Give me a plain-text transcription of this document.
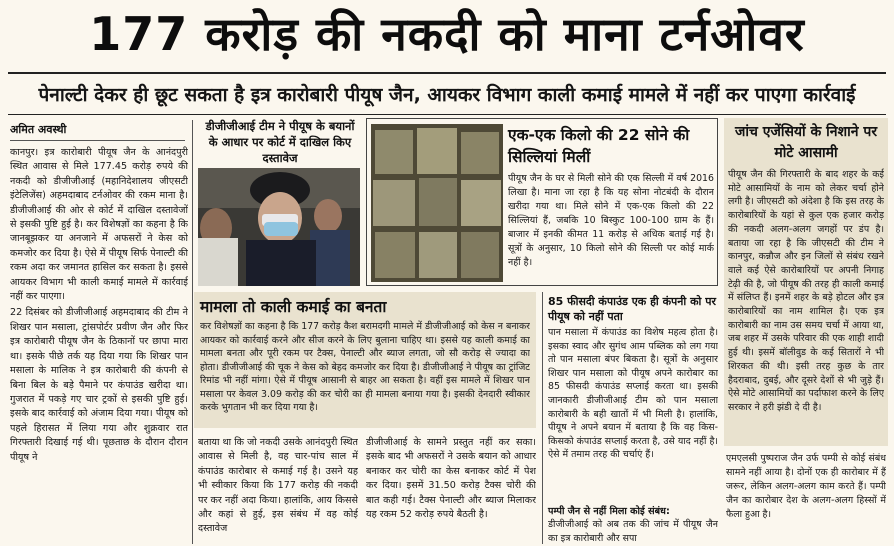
177 करोड़ की नकदी को माना टर्नओवर
पेनाल्टी देकर ही छूट सकता है इत्र कारोबारी पीयूष जैन, आयकर विभाग काली कमाई मामले में नहीं कर पाएगा कार्रवाई
अमित अवस्थी

कानपुर। इत्र कारोबारी पीयूष जैन के आनंदपुरी स्थित आवास से मिले 177.45 करोड़ रुपये की नकदी को डीजीजीआई (महानिदेशालय जीएसटी इंटेलिजेंस) अहमदाबाद टर्नओवर की रकम माना है। डीजीजीआई की ओर से कोर्ट में दाखिल दस्तावेजों से इसकी पुष्टि हुई है। कर विशेषज्ञों का कहना है कि जानबूझकर या अनजाने में अफसरों ने केस को कमजोर कर दिया है। ऐसे में पीयूष सिर्फ पेनाल्टी की रकम अदा कर जमानत हासिल कर सकता है। इससे आयकर विभाग भी काली कमाई मामले में कार्रवाई नहीं कर पाएगा।

22 दिसंबर को डीजीजीआई अहमदाबाद की टीम ने शिखर पान मसाला, ट्रांसपोर्टर प्रवीण जैन और फिर इत्र कारोबारी पीयूष जैन के ठिकानों पर छापा मारा था। इसके पीछे तर्क यह दिया गया कि शिखर पान मसाला के मालिक ने इत्र कारोबारी की कंपनी से बिना बिल के बड़े पैमाने पर कंपाउंड खरीदा था। गुजरात में पकड़े गए चार ट्रकों से इसकी पुष्टि हुई। इसके बाद कार्रवाई को अंजाम दिया गया। पीयूष को पहले हिरासत में लिया गया और शुक्रवार रात गिरफ्तारी दिखाई गई थी। पूछताछ के दौरान दौरान पीयूष ने

डीजीजीआई टीम ने पीयूष के बयानों के आधार पर कोर्ट में दाखिल किए दस्तावेज
एक-एक किलो की 22 सोने की सिल्लियां मिलीं
पीयूष जैन के घर से मिली सोने की एक सिल्ली में वर्ष 2016 लिखा है। माना जा रहा है कि यह सोना नोटबंदी के दौरान खरीदा गया था। मिले सोने में एक-एक किलो की 22 सिल्लियां हैं, जबकि 10 बिस्कुट 100-100 ग्राम के हैं। बाजार में इनकी कीमत 11 करोड़ से अधिक बताई गई है। सूत्रों के अनुसार, 10 किलो सोने की सिल्ली पर कोई मार्क नहीं है।
जांच एजेंसियों के निशाने पर मोटे आसामी
पीयूष जैन की गिरफ्तारी के बाद शहर के कई मोटे आसामियों के नाम को लेकर चर्चा होने लगी है। जीएसटी को अंदेशा है कि इस तरह के कारोबारियों के यहां से कुल एक हजार करोड़ की नकदी अलग-अलग जगहों पर डंप है। बताया जा रहा है कि जीएसटी की टीम ने कानपुर, कन्नौज और इन जिलों से संबंध रखने वाले कई ऐसे कारोबारियों पर अपनी निगाह टेढ़ी की है, जो पीयूष की तरह ही काली कमाई में संलिप्त हैं। इनमें शहर के बड़े होटल और इत्र कारोबारियों का नाम शामिल है। एक इत्र कारोबारी का नाम उस समय चर्चा में आया था, जब शहर में उसके परिवार की एक शाही शादी हुई थी। इसमें बॉलीवुड के कई सितारों ने भी शिरकत की थी। इसी तरह कुछ के तार हैदराबाद, दुबई, और दूसरे देशों से भी जुड़े हैं। ऐसे मोटे आसामियों का पर्दाफाश करने के लिए सरकार ने हरी झंडी दे दी है।
मामला तो काली कमाई का बनता
कर विशेषज्ञों का कहना है कि 177 करोड़ कैश बरामदगी मामले में डीजीजीआई को केस न बनाकर आयकर को कार्रवाई करने और सीज करने के लिए बुलाना चाहिए था। इससे यह काली कमाई का मामला बनता और पूरी रकम पर टैक्स, पेनाल्टी और ब्याज लगता, जो सौ करोड़ से ज्यादा का होता। डीजीजीआई की चूक ने केस को बेहद कमजोर कर दिया है। डीजीजीआई ने पीयूष का ट्रांजिट रिमांड भी नहीं मांगा। ऐसे में पीयूष आसानी से बाहर आ सकता है। वहीं इस मामले में शिखर पान मसाला पर केवल 3.09 करोड़ की कर चोरी का ही मामला बनाया गया है। इसकी देनदारी स्वीकार करके भुगतान भी कर दिया गया है।
बताया था कि जो नकदी उसके आनंदपुरी स्थित आवास से मिली है, वह चार-पांच साल में कंपाउंड कारोबार से कमाई गई है। उसने यह भी स्वीकार किया कि 177 करोड़ की नकदी पर कर नहीं अदा किया। हालांकि, आय किससे और कहां से हुई, इस संबंध में वह कोई दस्तावेज
डीजीजीआई के सामने प्रस्तुत नहीं कर सका। इसके बाद भी अफसरों ने उसके बयान को आधार बनाकर कर चोरी का केस बनाकर कोर्ट में पेश कर दिया। इसमें 31.50 करोड़ टैक्स चोरी की बात कही गई। टैक्स पेनाल्टी और ब्याज मिलाकर यह रकम 52 करोड़ रुपये बैठती है।
85 फीसदी कंपाउंड एक ही कंपनी को पर पीयूष को नहीं पता
पान मसाला में कंपाउंड का विशेष महत्व होता है। इसका स्वाद और सुगंध आम पब्लिक को लग गया तो पान मसाला बंपर बिकता है। सूत्रों के अनुसार शिखर पान मसाला को पीयूष अपने कारोबार का 85 फीसदी कंपाउंड सप्लाई करता था। इसकी जानकारी डीजीजीआई टीम को पान मसाला कारोबारी के बही खातों में भी मिली है। हालांकि, पीयूष ने अपने बयान में बताया है कि वह किस-किसको कंपाउंड सप्लाई करता है, उसे याद नहीं है। ऐसे में तमाम तरह की चर्चाएं हैं।
पम्पी जैन से नहीं मिला कोई संबंध:
डीजीजीआई को अब तक की जांच में पीयूष जैन का इत्र कारोबारी और सपा
एमएलसी पुष्पराज जैन उर्फ पम्पी से कोई संबंध सामने नहीं आया है। दोनों एक ही कारोबार में हैं जरूर, लेकिन अलग-अलग काम करते हैं। पम्पी जैन का कारोबार देश के अलग-अलग हिस्सों में फैला हुआ है।
